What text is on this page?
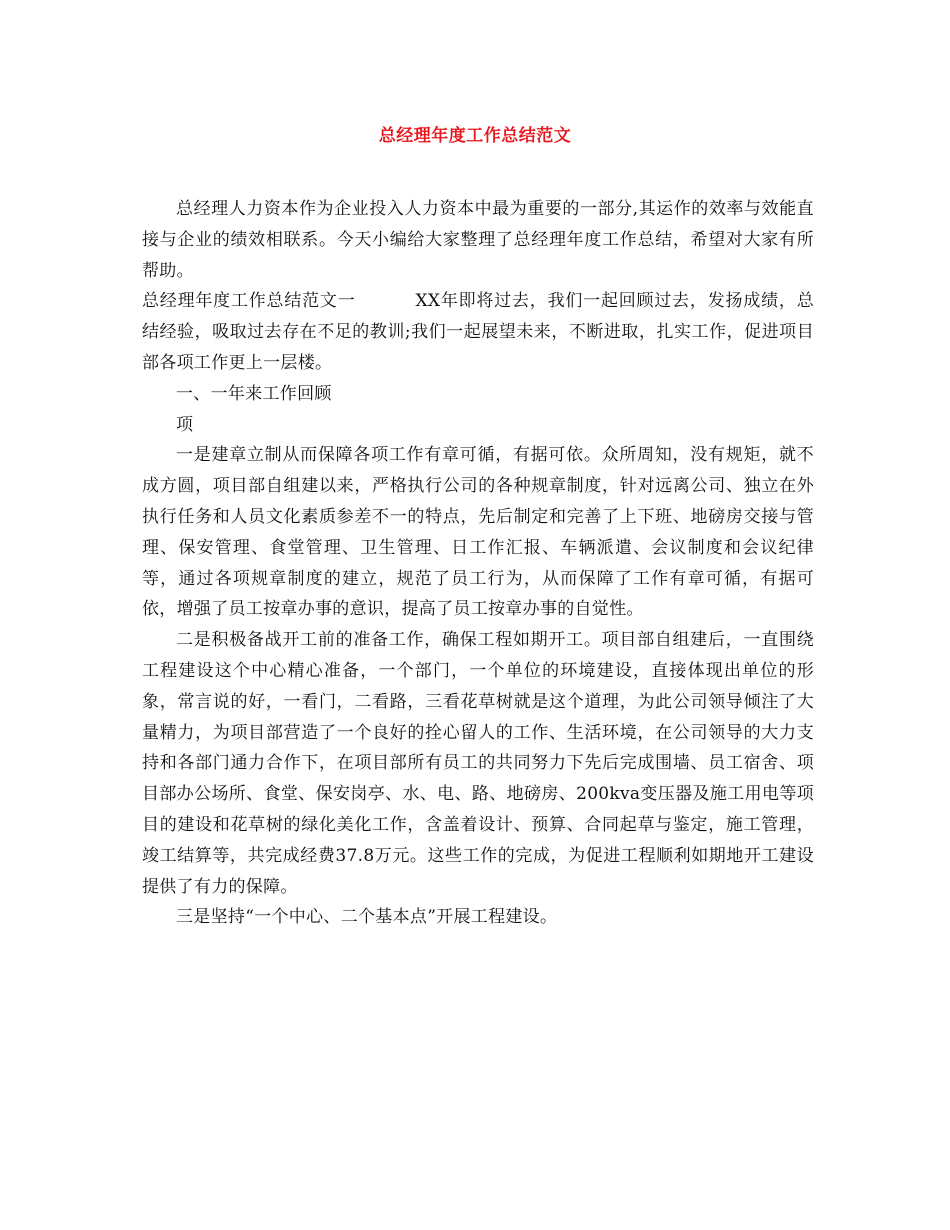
总经理年度工作总结范文

总经理人力资本作为企业投入人力资本中最为重要的一部分,其运作的效率与效能直接与企业的绩效相联系。今天小编给大家整理了总经理年度工作总结，希望对大家有所帮助。

总经理年度工作总结范文一	XX年即将过去，我们一起回顾过去，发扬成绩，总结经验，吸取过去存在不足的教训;我们一起展望未来，不断进取，扎实工作，促进项目部各项工作更上一层楼。

一、一年来工作回顾

项

一是建章立制从而保障各项工作有章可循，有据可依。众所周知，没有规矩，就不成方圆，项目部自组建以来，严格执行公司的各种规章制度，针对远离公司、独立在外执行任务和人员文化素质参差不一的特点，先后制定和完善了上下班、地磅房交接与管理、保安管理、食堂管理、卫生管理、日工作汇报、车辆派遣、会议制度和会议纪律等，通过各项规章制度的建立，规范了员工行为，从而保障了工作有章可循，有据可依，增强了员工按章办事的意识，提高了员工按章办事的自觉性。

二是积极备战开工前的准备工作，确保工程如期开工。项目部自组建后，一直围绕工程建设这个中心精心准备，一个部门，一个单位的环境建设，直接体现出单位的形象，常言说的好，一看门，二看路，三看花草树就是这个道理，为此公司领导倾注了大量精力，为项目部营造了一个良好的拴心留人的工作、生活环境，在公司领导的大力支持和各部门通力合作下，在项目部所有员工的共同努力下先后完成围墙、员工宿舍、项目部办公场所、食堂、保安岗亭、水、电、路、地磅房、200kva变压器及施工用电等项目的建设和花草树的绿化美化工作，含盖着设计、预算、合同起草与鉴定，施工管理，竣工结算等，共完成经费37.8万元。这些工作的完成，为促进工程顺利如期地开工建设提供了有力的保障。

三是坚持“一个中心、二个基本点”开展工程建设。
